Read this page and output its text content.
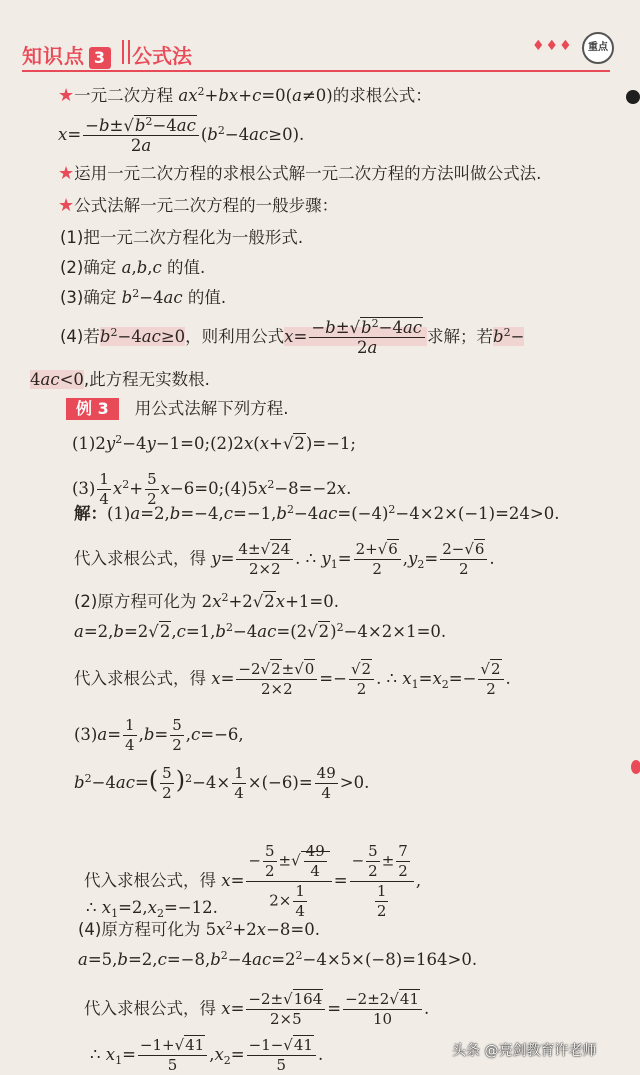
知识点 3	公式法	♦♦♦	重点
★一元二次方程 $ax^2+bx+c=0(a\ne 0)$的求根公式：
$x= \frac{-b\pm√b^2-4ac}{2a} (b^2-4ac\ge 0)$.
★运用一元二次方程的求根公式解一元二次方程的方法叫做公式法.
★公式法解一元二次方程的一般步骤：
(1)把一元二次方程化为一般形式.
(2)确定 a,b,c 的值.
(3)确定 $b^2-4ac$ 的值.
(4)若$b^2-4ac\ge 0$，则利用公式$x= \frac{-b\pm√b^2-4ac}{2a}$ 求解；若$b^2-$
4ac<0,此方程无实数根.
例 3 用公式法解下列方程.
$(1)2y^2-4y-1=0;(2)2x(x+√2)=-1$;
$(3) \frac{1}{4} x^2+ \frac{5}{2}$ $x-6=0;(4)5x^2-8=-2x$.
解：$(1)a=2,b=-4,c=-1,b^2-4ac=(-4)^2-4\times 2\times(-1)=24>0$.
代入求根公式，得 $y= \frac{4\pm√24}{2\times 2}$ . ∴ $y_1= \frac{2+√6}{2} ,y_2= \frac{2-√6}{2}$ .
(2)原方程可化为 $2x^2+2√2x+1=0$.
$a=2,b=2√2,c=1,b^2-4ac=(2√2)^2-4\times 2\times 1=0$.
代入求根公式，得 $x= \frac{-2√2\pm√0}{2\times 2} =- \frac{√2}{2}$ . ∴ $x_1=x_2=- \frac{√2}{2}$ .
$(3)a= \frac{1}{4} ,b= \frac{5}{2} ,c=-6$,
$b^2-4ac=( \frac{5}{2} )^2-4\times \frac{1}{4} \times(-6)= \frac{49}{4} >0$.
代入求根公式，得 $x= \frac{- \frac{5}{2} \pm√ \frac{49}{4}}{2\times \frac{1}{4}} = \frac{- \frac{5}{2} \pm \frac{7}{2}}{\frac{1}{2}}$ ,
∴ $x_1=2,x_2=-12$.
(4)原方程可化为 $5x^2+2x-8=0$.
$a=5,b=2,c=-8,b^2-4ac=2^2-4\times 5\times(-8)=164>0$.
代入求根公式，得 $x= \frac{-2\pm√164}{2\times 5} = \frac{-2\pm 2√41}{10}$ .
∴ $x_1= \frac{-1+√41}{5} ,x_2= \frac{-1-√41}{5}$ .	头条 @亮剑教育许老师
